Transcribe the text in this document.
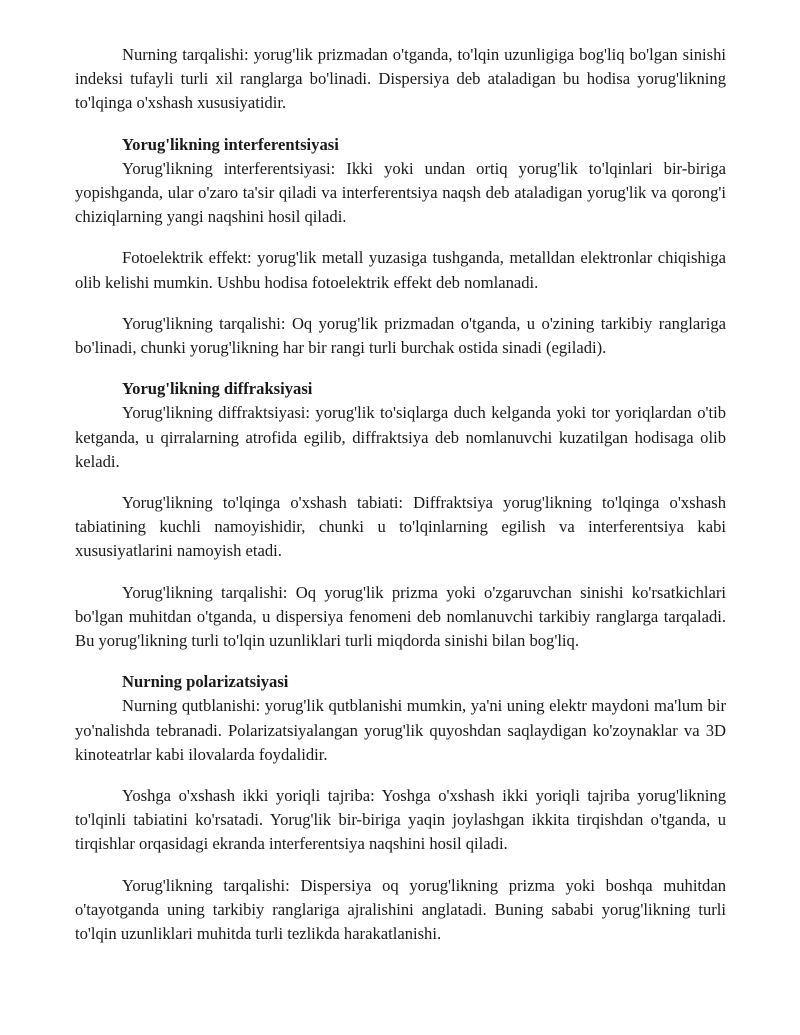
Nurning tarqalishi: yorug'lik prizmadan o'tganda, to'lqin uzunligiga bog'liq bo'lgan sinishi indeksi tufayli turli xil ranglarga bo'linadi. Dispersiya deb ataladigan bu hodisa yorug'likning to'lqinga o'xshash xususiyatidir.

Yorug'likning interferentsiyasi

Yorug'likning interferentsiyasi: Ikki yoki undan ortiq yorug'lik to'lqinlari bir-biriga yopishganda, ular o'zaro ta'sir qiladi va interferentsiya naqsh deb ataladigan yorug'lik va qorong'i chiziqlarning yangi naqshini hosil qiladi.

Fotoelektrik effekt: yorug'lik metall yuzasiga tushganda, metalldan elektronlar chiqishiga olib kelishi mumkin. Ushbu hodisa fotoelektrik effekt deb nomlanadi.

Yorug'likning tarqalishi: Oq yorug'lik prizmadan o'tganda, u o'zining tarkibiy ranglariga bo'linadi, chunki yorug'likning har bir rangi turli burchak ostida sinadi (egiladi).

Yorug'likning diffraksiyasi

Yorug'likning diffraktsiyasi: yorug'lik to'siqlarga duch kelganda yoki tor yoriqlardan o'tib ketganda, u qirralarning atrofida egilib, diffraktsiya deb nomlanuvchi kuzatilgan hodisaga olib keladi.

Yorug'likning to'lqinga o'xshash tabiati: Diffraktsiya yorug'likning to'lqinga o'xshash tabiatining kuchli namoyishidir, chunki u to'lqinlarning egilish va interferentsiya kabi xususiyatlarini namoyish etadi.

Yorug'likning tarqalishi: Oq yorug'lik prizma yoki o'zgaruvchan sinishi ko'rsatkichlari bo'lgan muhitdan o'tganda, u dispersiya fenomeni deb nomlanuvchi tarkibiy ranglarga tarqaladi. Bu yorug'likning turli to'lqin uzunliklari turli miqdorda sinishi bilan bog'liq.

Nurning polarizatsiyasi

Nurning qutblanishi: yorug'lik qutblanishi mumkin, ya'ni uning elektr maydoni ma'lum bir yo'nalishda tebranadi. Polarizatsiyalangan yorug'lik quyoshdan saqlaydigan ko'zoynaklar va 3D kinoteatrlar kabi ilovalarda foydalidir.

Yoshga o'xshash ikki yoriqli tajriba: Yoshga o'xshash ikki yoriqli tajriba yorug'likning to'lqinli tabiatini ko'rsatadi. Yorug'lik bir-biriga yaqin joylashgan ikkita tirqishdan o'tganda, u tirqishlar orqasidagi ekranda interferentsiya naqshini hosil qiladi.

Yorug'likning tarqalishi: Dispersiya oq yorug'likning prizma yoki boshqa muhitdan o'tayotganda uning tarkibiy ranglariga ajralishini anglatadi. Buning sababi yorug'likning turli to'lqin uzunliklari muhitda turli tezlikda harakatlanishi.
